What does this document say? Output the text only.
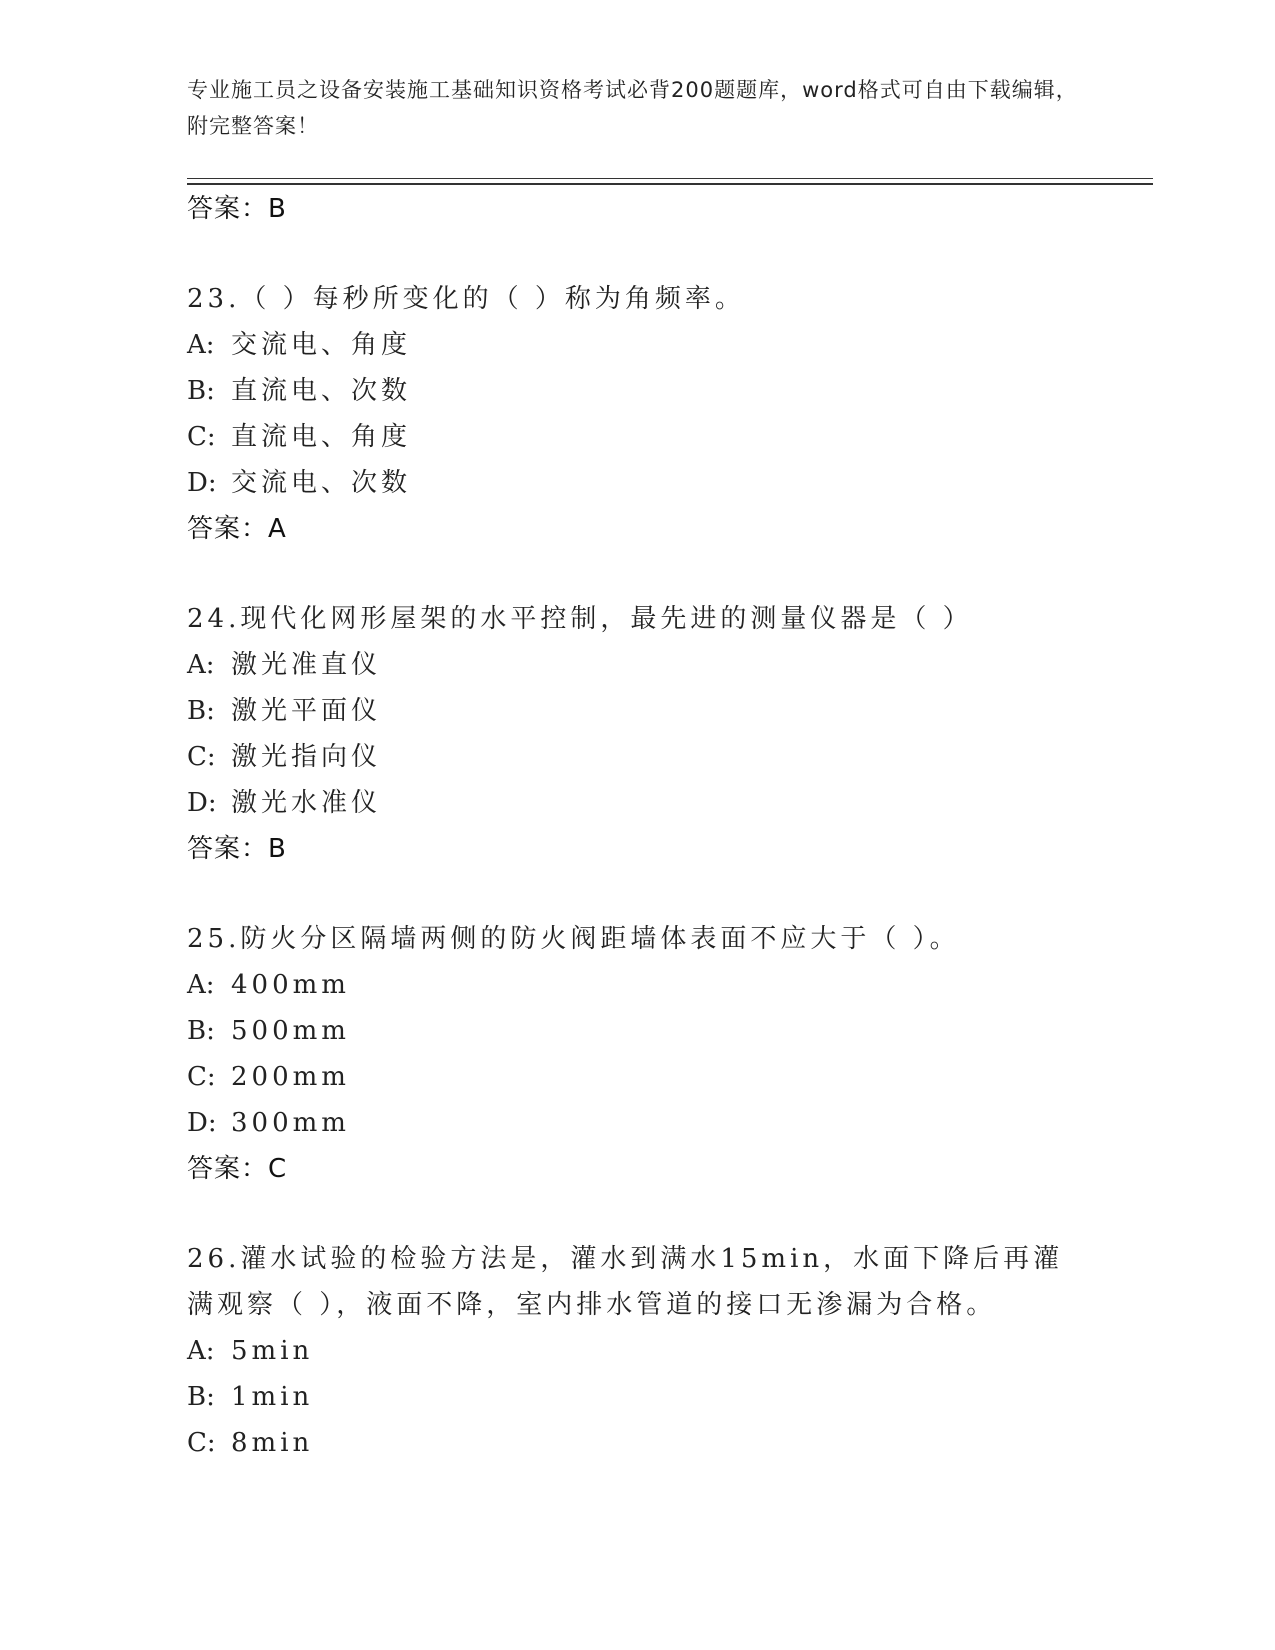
专业施工员之设备安装施工基础知识资格考试必背200题题库，word格式可自由下载编辑，附完整答案！
答案：B
23.（ ）每秒所变化的（ ）称为角频率。
A: 交流电、角度
B: 直流电、次数
C: 直流电、角度
D: 交流电、次数
答案：A
24.现代化网形屋架的水平控制，最先进的测量仪器是（ ）
A: 激光准直仪
B: 激光平面仪
C: 激光指向仪
D: 激光水准仪
答案：B
25.防火分区隔墙两侧的防火阀距墙体表面不应大于（ ）。
A: 400mm
B: 500mm
C: 200mm
D: 300mm
答案：C
26.灌水试验的检验方法是，灌水到满水15min，水面下降后再灌满观察（ ），液面不降，室内排水管道的接口无渗漏为合格。
A: 5min
B: 1min
C: 8min
